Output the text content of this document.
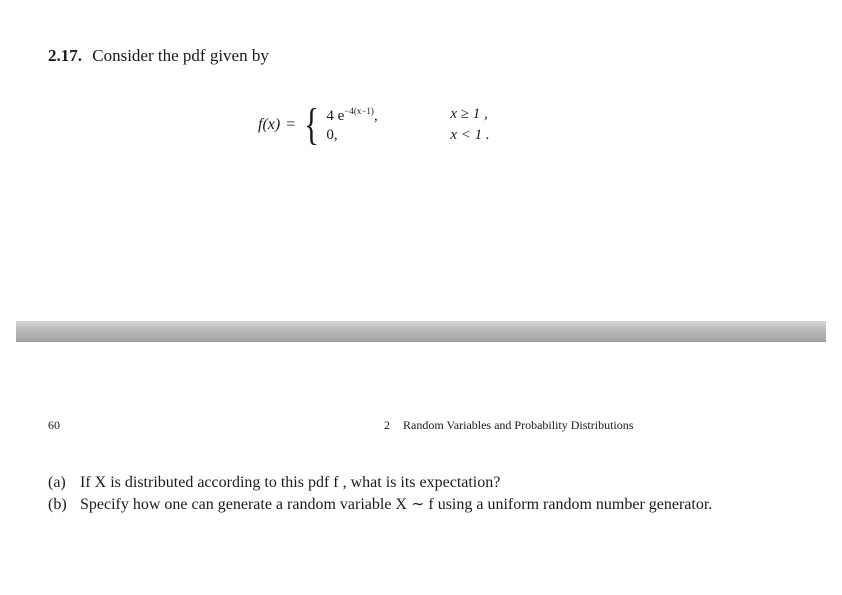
2.17. Consider the pdf given by
f(x) = { 4 $e^{-4(x-1)}$,	x ≥ 1 ,
0,	x < 1 .
60	2 Random Variables and Probability Distributions
(a) If X is distributed according to this pdf f , what is its expectation?
(b) Specify how one can generate a random variable X ∼ f using a uniform random number generator.
